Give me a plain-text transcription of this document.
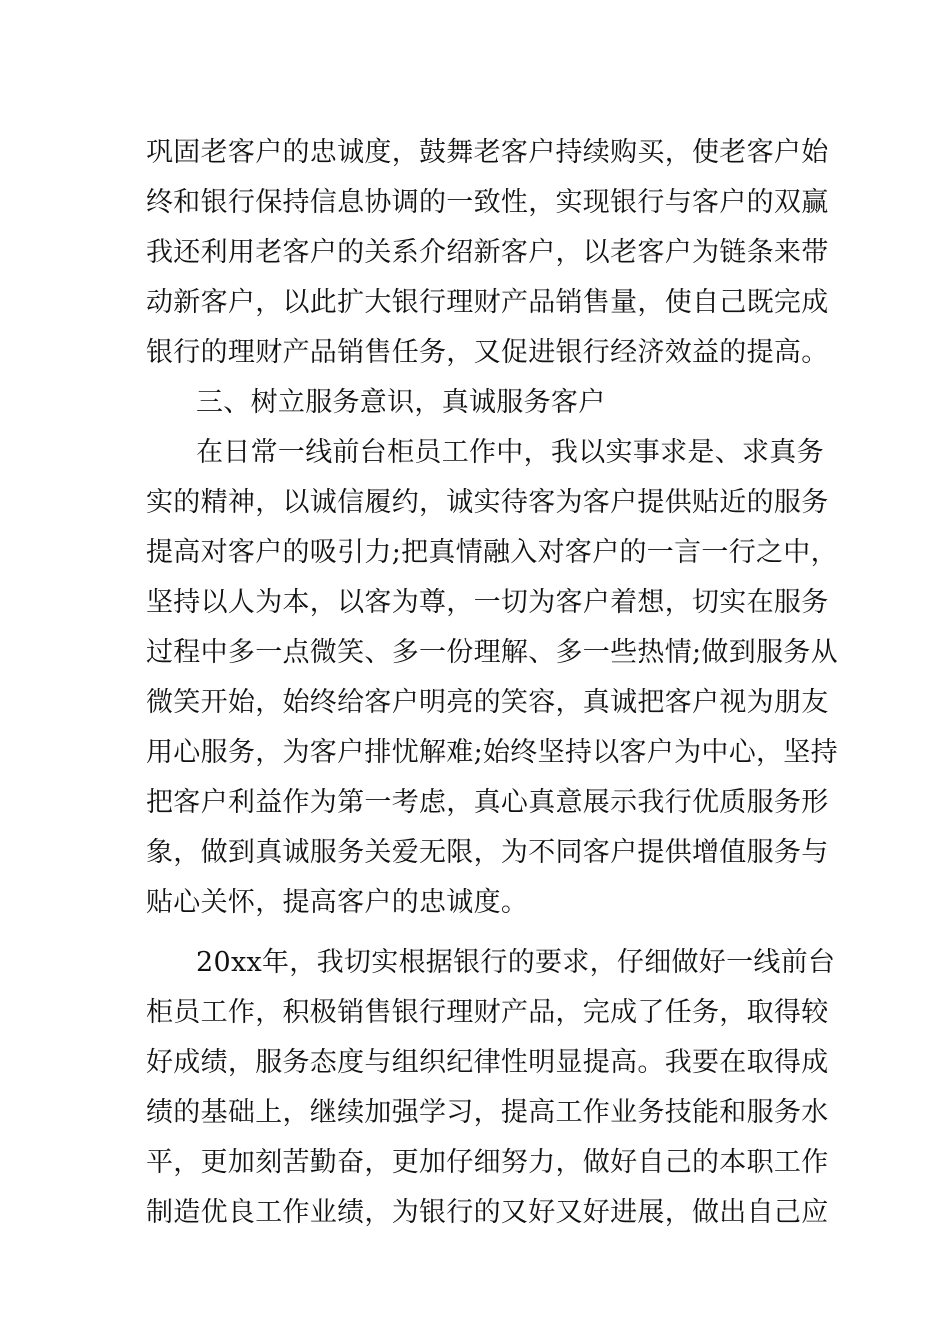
巩固老客户的忠诚度，鼓舞老客户持续购买，使老客户始
终和银行保持信息协调的一致性，实现银行与客户的双赢
我还利用老客户的关系介绍新客户，以老客户为链条来带
动新客户，以此扩大银行理财产品销售量，使自己既完成
银行的理财产品销售任务，又促进银行经济效益的提高。
三、树立服务意识，真诚服务客户
在日常一线前台柜员工作中，我以实事求是、求真务
实的精神，以诚信履约，诚实待客为客户提供贴近的服务
提高对客户的吸引力;把真情融入对客户的一言一行之中，
坚持以人为本，以客为尊，一切为客户着想，切实在服务
过程中多一点微笑、多一份理解、多一些热情;做到服务从
微笑开始，始终给客户明亮的笑容，真诚把客户视为朋友
用心服务，为客户排忧解难;始终坚持以客户为中心，坚持
把客户利益作为第一考虑，真心真意展示我行优质服务形
象，做到真诚服务关爱无限，为不同客户提供增值服务与
贴心关怀，提高客户的忠诚度。
20xx年，我切实根据银行的要求，仔细做好一线前台
柜员工作，积极销售银行理财产品，完成了任务，取得较
好成绩，服务态度与组织纪律性明显提高。我要在取得成
绩的基础上，继续加强学习，提高工作业务技能和服务水
平，更加刻苦勤奋，更加仔细努力，做好自己的本职工作
制造优良工作业绩，为银行的又好又好进展，做出自己应
